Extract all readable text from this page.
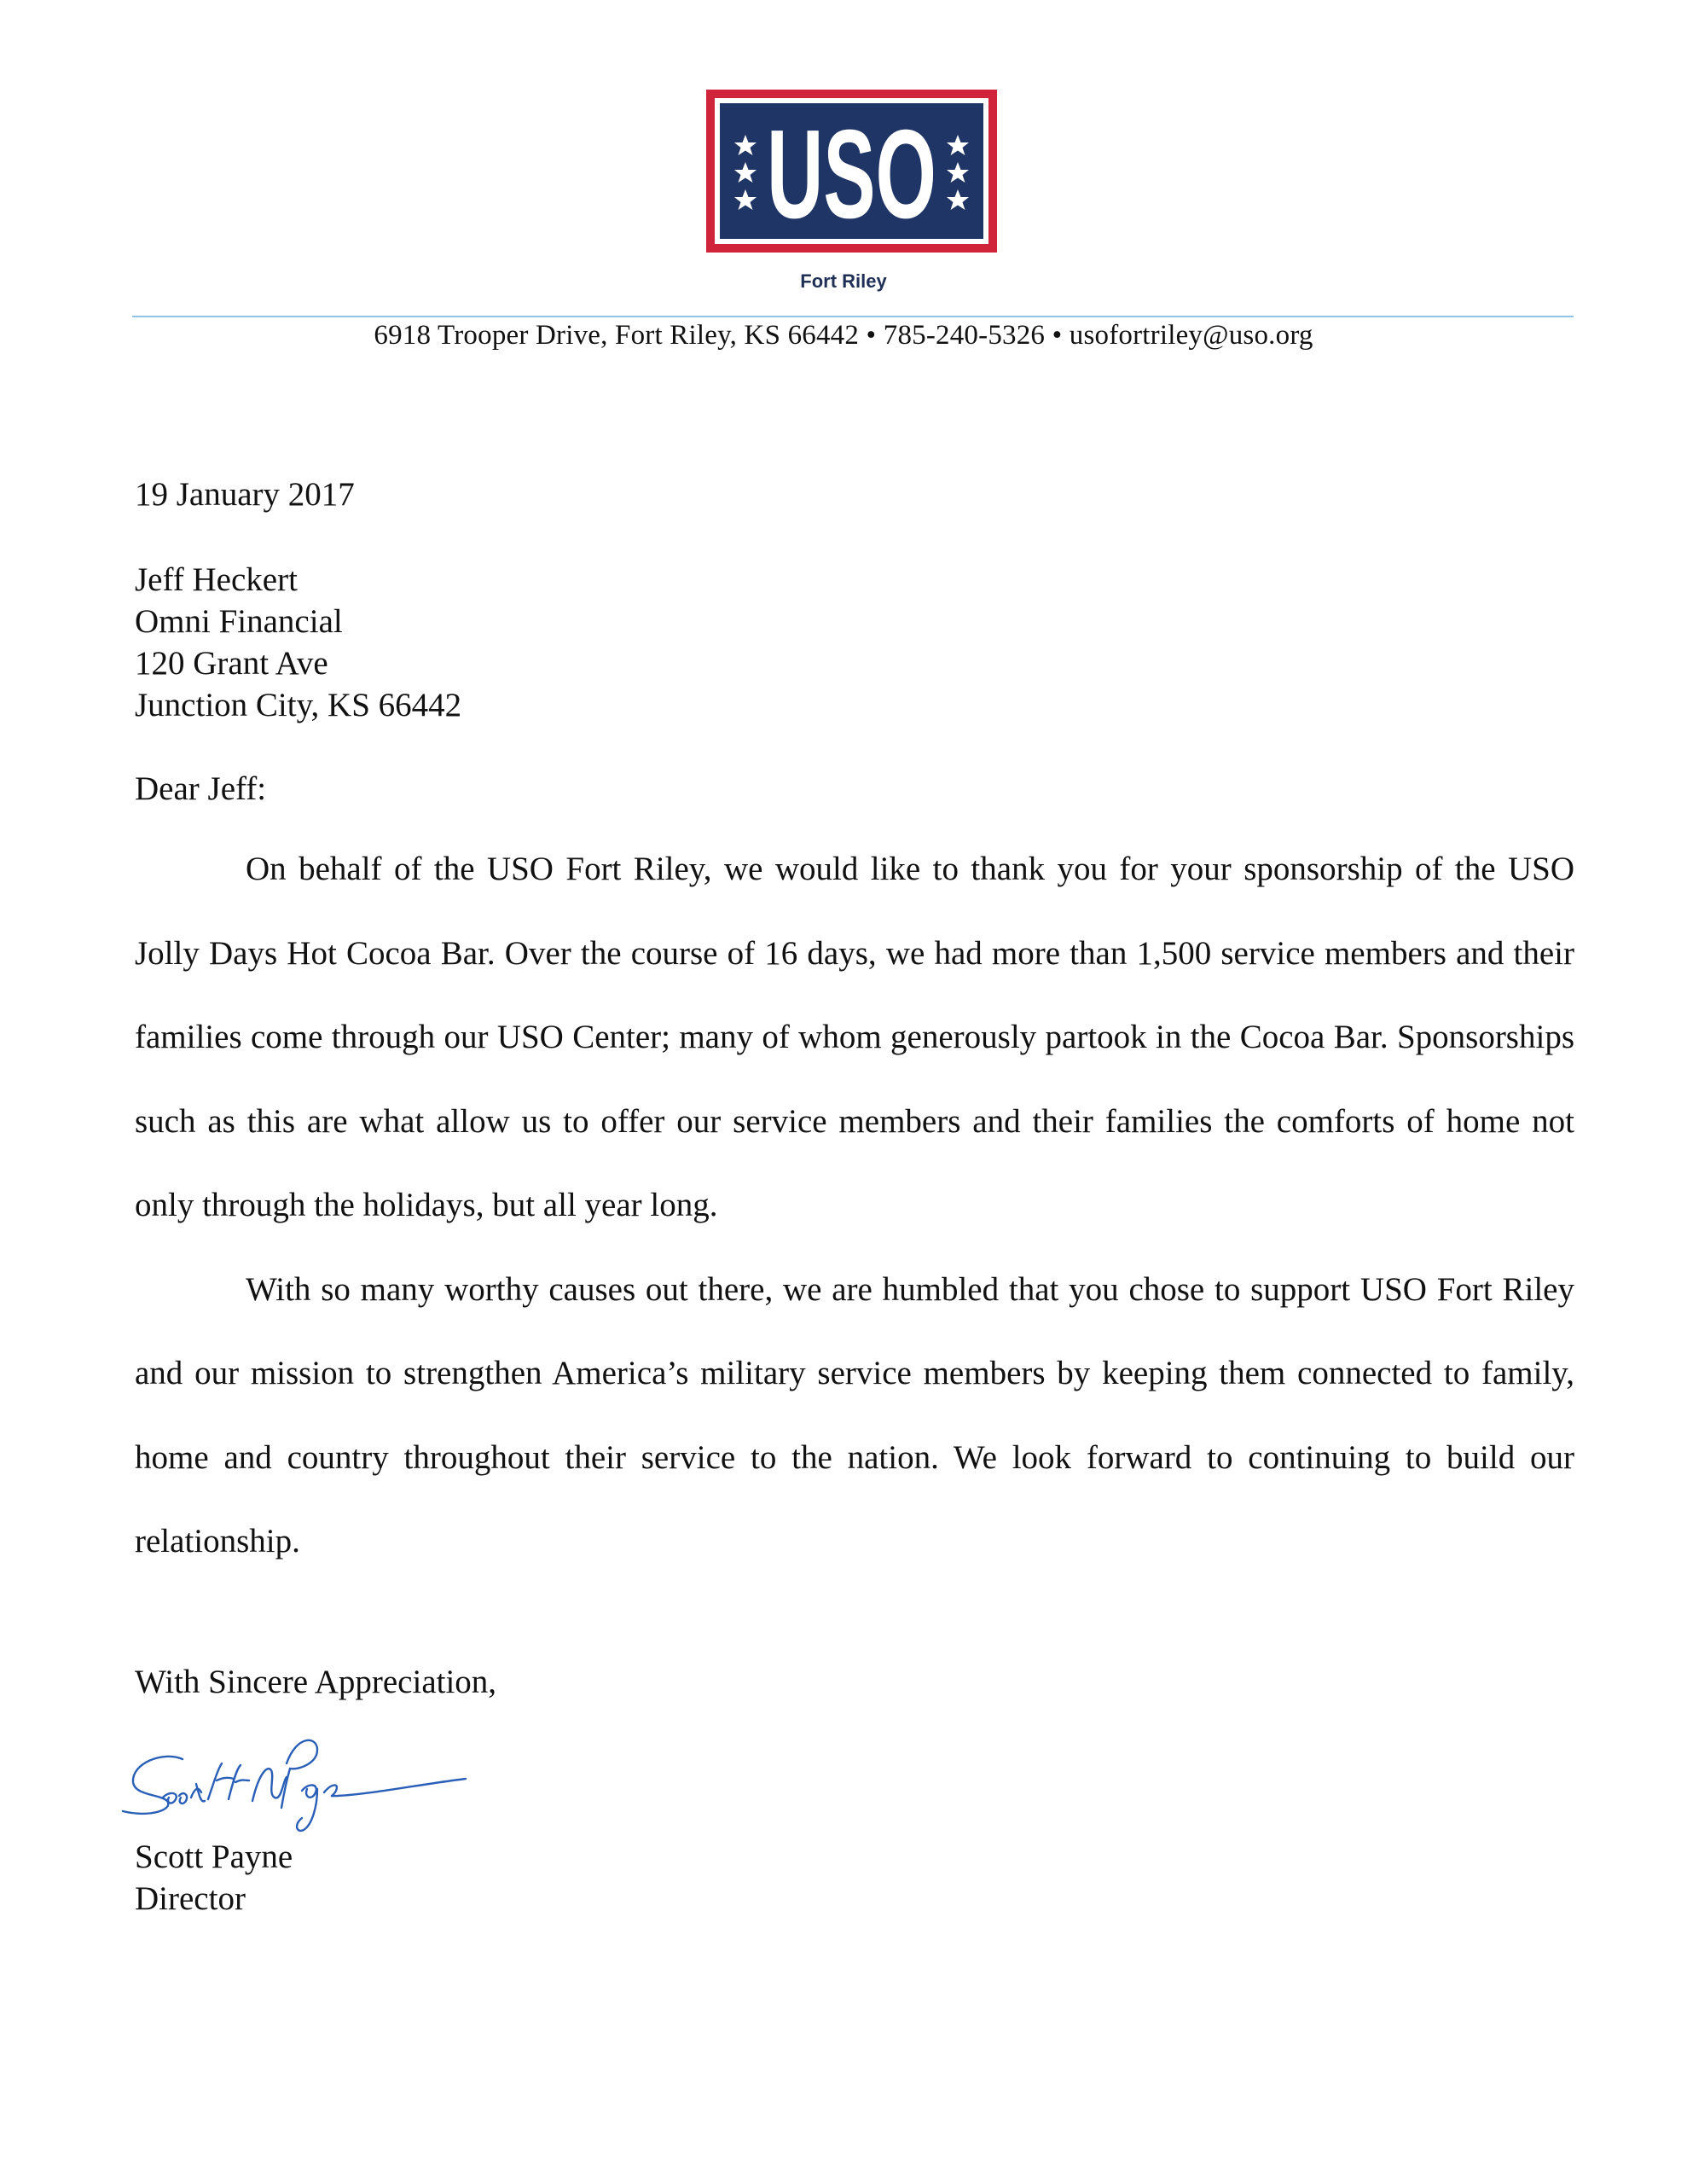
USO
Fort Riley
6918 Trooper Drive, Fort Riley, KS 66442 • 785-240-5326 • usofortriley@uso.org
19 January 2017
Jeff Heckert
Omni Financial
120 Grant Ave
Junction City, KS 66442
Dear Jeff:

On behalf of the USO Fort Riley, we would like to thank you for your sponsorship of the USO Jolly Days Hot Cocoa Bar. Over the course of 16 days, we had more than 1,500 service members and their families come through our USO Center; many of whom generously partook in the Cocoa Bar. Sponsorships such as this are what allow us to offer our service members and their families the comforts of home not only through the holidays, but all year long.

With so many worthy causes out there, we are humbled that you chose to support USO Fort Riley and our mission to strengthen America’s military service members by keeping them connected to family, home and country throughout their service to the nation. We look forward to continuing to build our relationship.

With Sincere Appreciation,
Scott Payne
Director
